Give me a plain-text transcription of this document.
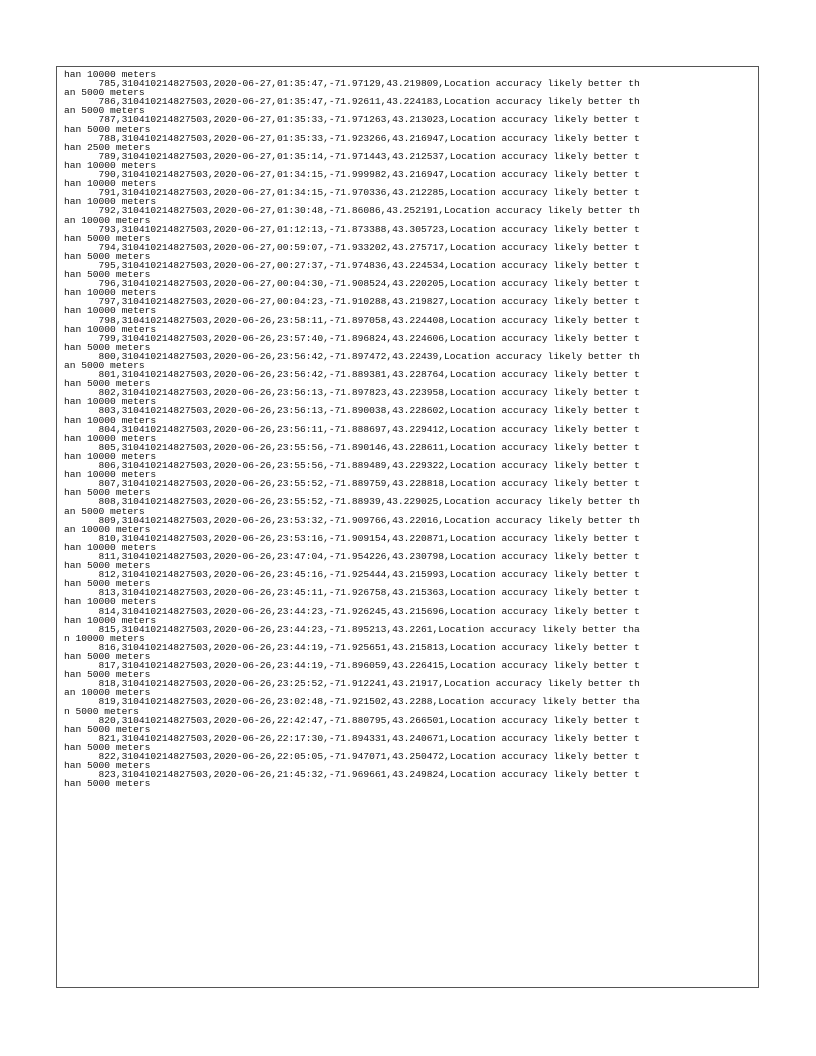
han 10000 meters
785,310410214827503,2020-06-27,01:35:47,-71.97129,43.219809,Location accuracy likely better th
an 5000 meters
786,310410214827503,2020-06-27,01:35:47,-71.92611,43.224183,Location accuracy likely better th
an 5000 meters
787,310410214827503,2020-06-27,01:35:33,-71.971263,43.213023,Location accuracy likely better t
han 5000 meters
788,310410214827503,2020-06-27,01:35:33,-71.923266,43.216947,Location accuracy likely better t
han 2500 meters
789,310410214827503,2020-06-27,01:35:14,-71.971443,43.212537,Location accuracy likely better t
han 10000 meters
790,310410214827503,2020-06-27,01:34:15,-71.999982,43.216947,Location accuracy likely better t
han 10000 meters
791,310410214827503,2020-06-27,01:34:15,-71.970336,43.212285,Location accuracy likely better t
han 10000 meters
792,310410214827503,2020-06-27,01:30:48,-71.86086,43.252191,Location accuracy likely better th
an 10000 meters
793,310410214827503,2020-06-27,01:12:13,-71.873388,43.305723,Location accuracy likely better t
han 5000 meters
794,310410214827503,2020-06-27,00:59:07,-71.933202,43.275717,Location accuracy likely better t
han 5000 meters
795,310410214827503,2020-06-27,00:27:37,-71.974836,43.224534,Location accuracy likely better t
han 5000 meters
796,310410214827503,2020-06-27,00:04:30,-71.908524,43.220205,Location accuracy likely better t
han 10000 meters
797,310410214827503,2020-06-27,00:04:23,-71.910288,43.219827,Location accuracy likely better t
han 10000 meters
798,310410214827503,2020-06-26,23:58:11,-71.897058,43.224408,Location accuracy likely better t
han 10000 meters
799,310410214827503,2020-06-26,23:57:40,-71.896824,43.224606,Location accuracy likely better t
han 5000 meters
800,310410214827503,2020-06-26,23:56:42,-71.897472,43.22439,Location accuracy likely better th
an 5000 meters
801,310410214827503,2020-06-26,23:56:42,-71.889381,43.228764,Location accuracy likely better t
han 5000 meters
802,310410214827503,2020-06-26,23:56:13,-71.897823,43.223958,Location accuracy likely better t
han 10000 meters
803,310410214827503,2020-06-26,23:56:13,-71.890038,43.228602,Location accuracy likely better t
han 10000 meters
804,310410214827503,2020-06-26,23:56:11,-71.888697,43.229412,Location accuracy likely better t
han 10000 meters
805,310410214827503,2020-06-26,23:55:56,-71.890146,43.228611,Location accuracy likely better t
han 10000 meters
806,310410214827503,2020-06-26,23:55:56,-71.889489,43.229322,Location accuracy likely better t
han 10000 meters
807,310410214827503,2020-06-26,23:55:52,-71.889759,43.228818,Location accuracy likely better t
han 5000 meters
808,310410214827503,2020-06-26,23:55:52,-71.88939,43.229025,Location accuracy likely better th
an 5000 meters
809,310410214827503,2020-06-26,23:53:32,-71.909766,43.22016,Location accuracy likely better th
an 10000 meters
810,310410214827503,2020-06-26,23:53:16,-71.909154,43.220871,Location accuracy likely better t
han 10000 meters
811,310410214827503,2020-06-26,23:47:04,-71.954226,43.230798,Location accuracy likely better t
han 5000 meters
812,310410214827503,2020-06-26,23:45:16,-71.925444,43.215993,Location accuracy likely better t
han 5000 meters
813,310410214827503,2020-06-26,23:45:11,-71.926758,43.215363,Location accuracy likely better t
han 10000 meters
814,310410214827503,2020-06-26,23:44:23,-71.926245,43.215696,Location accuracy likely better t
han 10000 meters
815,310410214827503,2020-06-26,23:44:23,-71.895213,43.2261,Location accuracy likely better tha
n 10000 meters
816,310410214827503,2020-06-26,23:44:19,-71.925651,43.215813,Location accuracy likely better t
han 5000 meters
817,310410214827503,2020-06-26,23:44:19,-71.896059,43.226415,Location accuracy likely better t
han 5000 meters
818,310410214827503,2020-06-26,23:25:52,-71.912241,43.21917,Location accuracy likely better th
an 10000 meters
819,310410214827503,2020-06-26,23:02:48,-71.921502,43.2288,Location accuracy likely better tha
n 5000 meters
820,310410214827503,2020-06-26,22:42:47,-71.880795,43.266501,Location accuracy likely better t
han 5000 meters
821,310410214827503,2020-06-26,22:17:30,-71.894331,43.240671,Location accuracy likely better t
han 5000 meters
822,310410214827503,2020-06-26,22:05:05,-71.947071,43.250472,Location accuracy likely better t
han 5000 meters
823,310410214827503,2020-06-26,21:45:32,-71.969661,43.249824,Location accuracy likely better t
han 5000 meters
